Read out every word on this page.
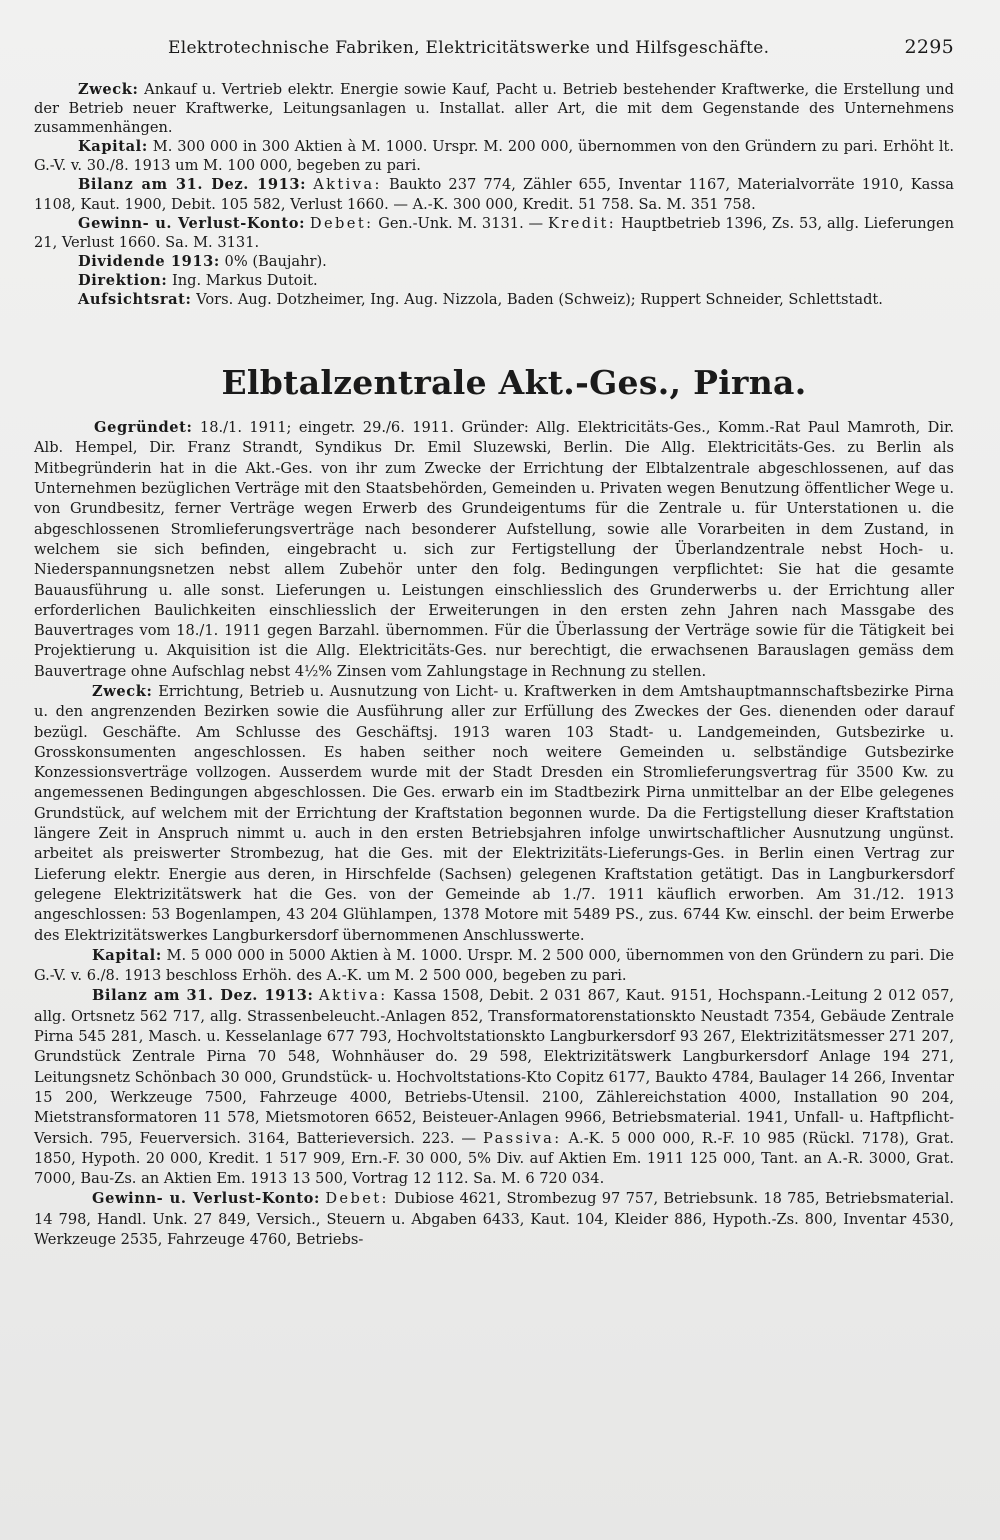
Elektrotechnische Fabriken, Elektricitätswerke und Hilfsgeschäfte.	2295

Zweck: Ankauf u. Vertrieb elektr. Energie sowie Kauf, Pacht u. Betrieb bestehender Kraftwerke, die Erstellung und der Betrieb neuer Kraftwerke, Leitungsanlagen u. Installat. aller Art, die mit dem Gegenstande des Unternehmens zusammenhängen.

Kapital: M. 300 000 in 300 Aktien à M. 1000. Urspr. M. 200 000, übernommen von den Gründern zu pari. Erhöht lt. G.-V. v. 30./8. 1913 um M. 100 000, begeben zu pari.

Bilanz am 31. Dez. 1913: Aktiva: Baukto 237 774, Zähler 655, Inventar 1167, Materialvorräte 1910, Kassa 1108, Kaut. 1900, Debit. 105 582, Verlust 1660. — A.-K. 300 000, Kredit. 51 758. Sa. M. 351 758.

Gewinn- u. Verlust-Konto: Debet: Gen.-Unk. M. 3131. — Kredit: Hauptbetrieb 1396, Zs. 53, allg. Lieferungen 21, Verlust 1660. Sa. M. 3131.

Dividende 1913: 0% (Baujahr).

Direktion: Ing. Markus Dutoit.

Aufsichtsrat: Vors. Aug. Dotzheimer, Ing. Aug. Nizzola, Baden (Schweiz); Ruppert Schneider, Schlettstadt.

Elbtalzentrale Akt.-Ges., Pirna.

Gegründet: 18./1. 1911; eingetr. 29./6. 1911. Gründer: Allg. Elektricitäts-Ges., Komm.-Rat Paul Mamroth, Dir. Alb. Hempel, Dir. Franz Strandt, Syndikus Dr. Emil Sluzewski, Berlin. Die Allg. Elektricitäts-Ges. zu Berlin als Mitbegründerin hat in die Akt.-Ges. von ihr zum Zwecke der Errichtung der Elbtalzentrale abgeschlossenen, auf das Unternehmen bezüglichen Verträge mit den Staatsbehörden, Gemeinden u. Privaten wegen Benutzung öffentlicher Wege u. von Grundbesitz, ferner Verträge wegen Erwerb des Grundeigentums für die Zentrale u. für Unterstationen u. die abgeschlossenen Stromlieferungsverträge nach besonderer Aufstellung, sowie alle Vorarbeiten in dem Zustand, in welchem sie sich befinden, eingebracht u. sich zur Fertigstellung der Überlandzentrale nebst Hoch- u. Niederspannungsnetzen nebst allem Zubehör unter den folg. Bedingungen verpflichtet: Sie hat die gesamte Bauausführung u. alle sonst. Lieferungen u. Leistungen einschliesslich des Grunderwerbs u. der Errichtung aller erforderlichen Baulichkeiten einschliesslich der Erweiterungen in den ersten zehn Jahren nach Massgabe des Bauvertrages vom 18./1. 1911 gegen Barzahl. übernommen. Für die Überlassung der Verträge sowie für die Tätigkeit bei Projektierung u. Akquisition ist die Allg. Elektricitäts-Ges. nur berechtigt, die erwachsenen Barauslagen gemäss dem Bauvertrage ohne Aufschlag nebst 4½% Zinsen vom Zahlungstage in Rechnung zu stellen.

Zweck: Errichtung, Betrieb u. Ausnutzung von Licht- u. Kraftwerken in dem Amtshauptmannschaftsbezirke Pirna u. den angrenzenden Bezirken sowie die Ausführung aller zur Erfüllung des Zweckes der Ges. dienenden oder darauf bezügl. Geschäfte. Am Schlusse des Geschäftsj. 1913 waren 103 Stadt- u. Landgemeinden, Gutsbezirke u. Grosskonsumenten angeschlossen. Es haben seither noch weitere Gemeinden u. selbständige Gutsbezirke Konzessionsverträge vollzogen. Ausserdem wurde mit der Stadt Dresden ein Stromlieferungsvertrag für 3500 Kw. zu angemessenen Bedingungen abgeschlossen. Die Ges. erwarb ein im Stadtbezirk Pirna unmittelbar an der Elbe gelegenes Grundstück, auf welchem mit der Errichtung der Kraftstation begonnen wurde. Da die Fertigstellung dieser Kraftstation längere Zeit in Anspruch nimmt u. auch in den ersten Betriebsjahren infolge unwirtschaftlicher Ausnutzung ungünst. arbeitet als preiswerter Strombezug, hat die Ges. mit der Elektrizitäts-Lieferungs-Ges. in Berlin einen Vertrag zur Lieferung elektr. Energie aus deren, in Hirschfelde (Sachsen) gelegenen Kraftstation getätigt. Das in Langburkersdorf gelegene Elektrizitätswerk hat die Ges. von der Gemeinde ab 1./7. 1911 käuflich erworben. Am 31./12. 1913 angeschlossen: 53 Bogenlampen, 43 204 Glühlampen, 1378 Motore mit 5489 PS., zus. 6744 Kw. einschl. der beim Erwerbe des Elektrizitätswerkes Langburkersdorf übernommenen Anschlusswerte.

Kapital: M. 5 000 000 in 5000 Aktien à M. 1000. Urspr. M. 2 500 000, übernommen von den Gründern zu pari. Die G.-V. v. 6./8. 1913 beschloss Erhöh. des A.-K. um M. 2 500 000, begeben zu pari.

Bilanz am 31. Dez. 1913: Aktiva: Kassa 1508, Debit. 2 031 867, Kaut. 9151, Hochspann.-Leitung 2 012 057, allg. Ortsnetz 562 717, allg. Strassenbeleucht.-Anlagen 852, Transformatorenstationskto Neustadt 7354, Gebäude Zentrale Pirna 545 281, Masch. u. Kesselanlage 677 793, Hochvoltstationskto Langburkersdorf 93 267, Elektrizitätsmesser 271 207, Grundstück Zentrale Pirna 70 548, Wohnhäuser do. 29 598, Elektrizitätswerk Langburkersdorf Anlage 194 271, Leitungsnetz Schönbach 30 000, Grundstück- u. Hochvoltstations-Kto Copitz 6177, Baukto 4784, Baulager 14 266, Inventar 15 200, Werkzeuge 7500, Fahrzeuge 4000, Betriebs-Utensil. 2100, Zählereichstation 4000, Installation 90 204, Mietstransformatoren 11 578, Mietsmotoren 6652, Beisteuer-Anlagen 9966, Betriebsmaterial. 1941, Unfall- u. Haftpflicht-Versich. 795, Feuerversich. 3164, Batterieversich. 223. — Passiva: A.-K. 5 000 000, R.-F. 10 985 (Rückl. 7178), Grat. 1850, Hypoth. 20 000, Kredit. 1 517 909, Ern.-F. 30 000, 5% Div. auf Aktien Em. 1911 125 000, Tant. an A.-R. 3000, Grat. 7000, Bau-Zs. an Aktien Em. 1913 13 500, Vortrag 12 112. Sa. M. 6 720 034.

Gewinn- u. Verlust-Konto: Debet: Dubiose 4621, Strombezug 97 757, Betriebsunk. 18 785, Betriebsmaterial. 14 798, Handl. Unk. 27 849, Versich., Steuern u. Abgaben 6433, Kaut. 104, Kleider 886, Hypoth.-Zs. 800, Inventar 4530, Werkzeuge 2535, Fahrzeuge 4760, Betriebs-
